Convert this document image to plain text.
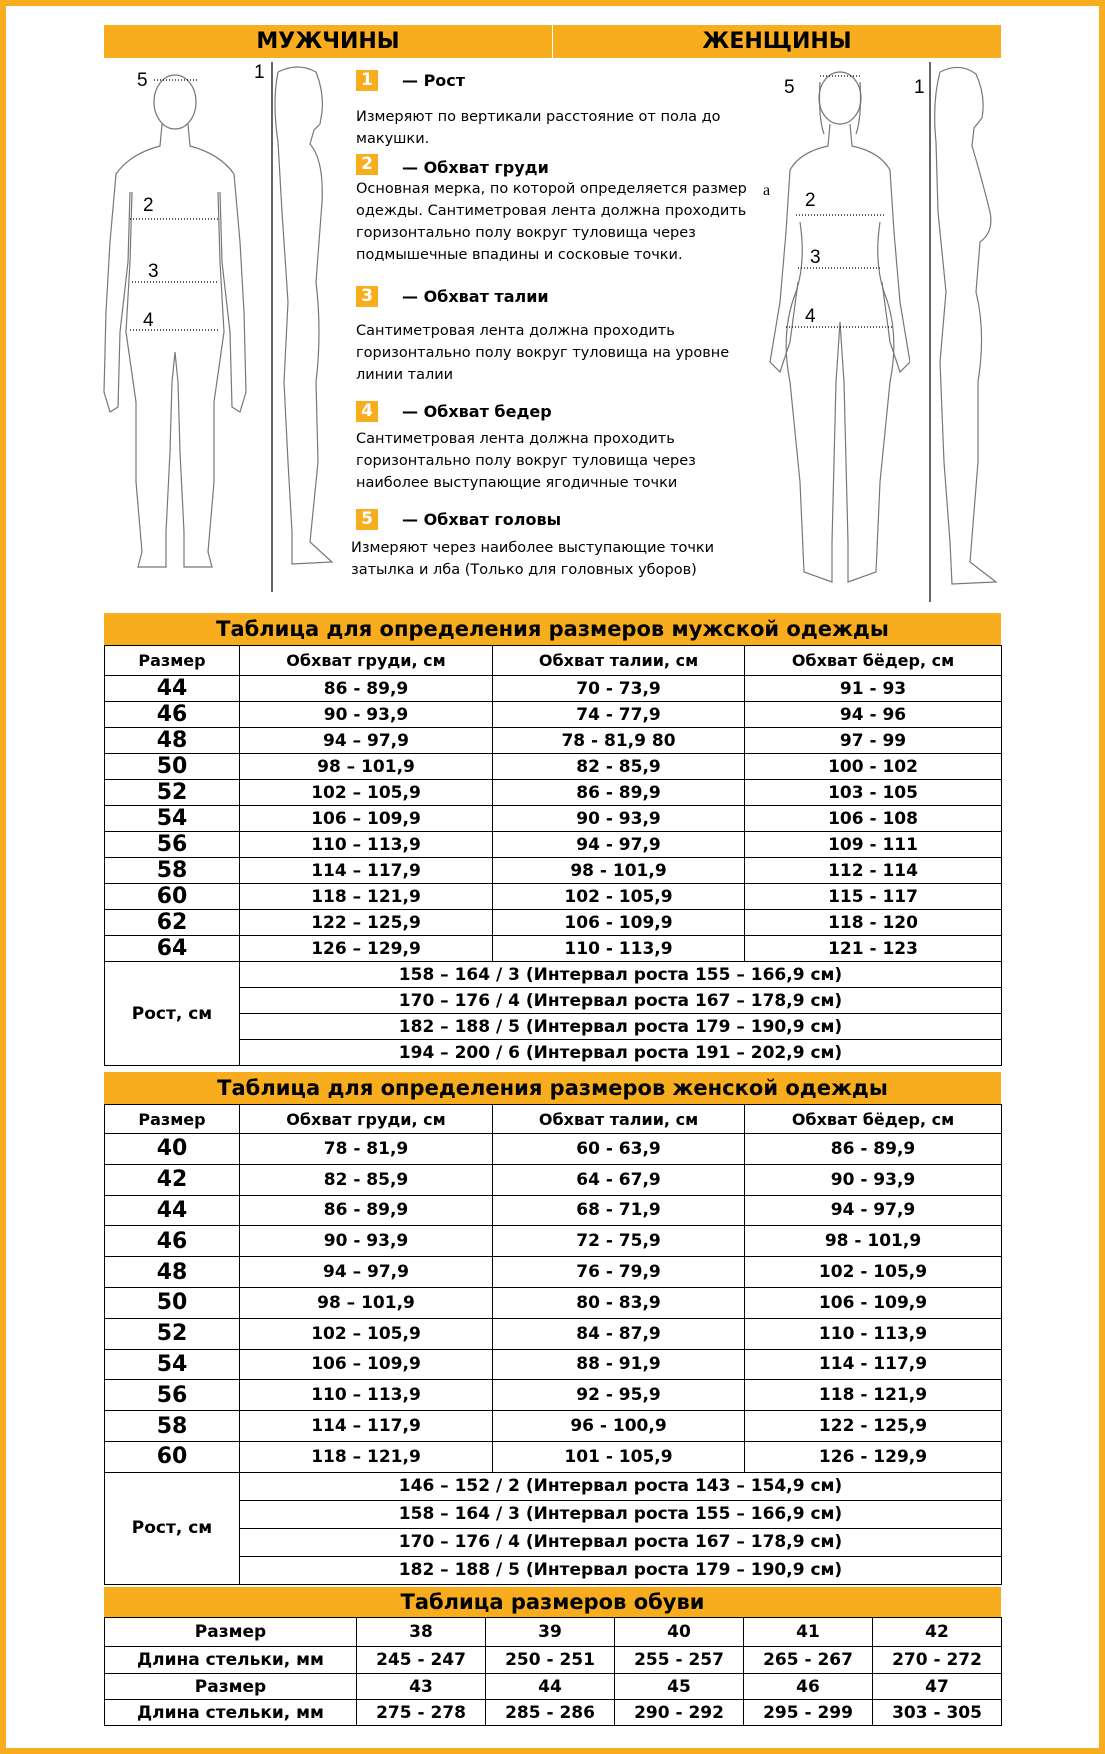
МУЖЧИНЫ	ЖЕНЩИНЫ
5	1
2
3
4
5	1
a 2
3
4
1	— Рост
Измеряют по вертикали расстояние от пола до макушки.
2	— Обхват груди
Основная мерка, по которой определяется размер одежды. Сантиметровая лента должна проходить горизонтально полу вокруг туловища через подмышечные впадины и сосковые точки.
3	— Обхват талии
Сантиметровая лента должна проходить горизонтально полу вокруг туловища на уровне линии талии
4	— Обхват бедер
Сантиметровая лента должна проходить горизонтально полу вокруг туловища через наиболее выступающие ягодичные точки
5	— Обхват головы
Измеряют через наиболее выступающие точки затылка и лба (Только для головных уборов)
Таблица для определения размеров мужской одежды
Размер	Обхват груди, см	Обхват талии, см	Обхват бёдер, см
44	86 - 89,9	70 - 73,9	91 - 93
46	90 - 93,9	74 - 77,9	94 - 96
48	94 – 97,9	78 - 81,9 80	97 - 99
50	98 – 101,9	82 - 85,9	100 - 102
52	102 – 105,9	86 - 89,9	103 - 105
54	106 – 109,9	90 - 93,9	106 - 108
56	110 – 113,9	94 - 97,9	109 - 111
58	114 – 117,9	98 - 101,9	112 - 114
60	118 – 121,9	102 - 105,9	115 - 117
62	122 – 125,9	106 - 109,9	118 - 120
64	126 – 129,9	110 - 113,9	121 - 123
Рост, см	158 – 164 / 3 (Интервал роста 155 – 166,9 см)		
	170 – 176 / 4 (Интервал роста 167 – 178,9 см)		
	182 – 188 / 5 (Интервал роста 179 – 190,9 см)		
	194 – 200 / 6 (Интервал роста 191 – 202,9 см)		
Таблица для определения размеров женской одежды
Размер	Обхват груди, см	Обхват талии, см	Обхват бёдер, см
40	78 - 81,9	60 - 63,9	86 - 89,9
42	82 - 85,9	64 - 67,9	90 - 93,9
44	86 - 89,9	68 - 71,9	94 - 97,9
46	90 - 93,9	72 - 75,9	98 - 101,9
48	94 – 97,9	76 - 79,9	102 - 105,9
50	98 – 101,9	80 - 83,9	106 - 109,9
52	102 – 105,9	84 - 87,9	110 - 113,9
54	106 – 109,9	88 - 91,9	114 - 117,9
56	110 – 113,9	92 - 95,9	118 - 121,9
58	114 – 117,9	96 - 100,9	122 - 125,9
60	118 – 121,9	101 - 105,9	126 - 129,9
Рост, см	146 – 152 / 2 (Интервал роста 143 – 154,9 см)		
	158 – 164 / 3 (Интервал роста 155 – 166,9 см)		
	170 – 176 / 4 (Интервал роста 167 – 178,9 см)		
	182 – 188 / 5 (Интервал роста 179 – 190,9 см)		
Таблица размеров обуви
Размер	38	39	40	41	42
Длина стельки, мм	245 - 247	250 - 251	255 - 257	265 - 267	270 - 272
Размер	43	44	45	46	47
Длина стельки, мм	275 - 278	285 - 286	290 - 292	295 - 299	303 - 305
